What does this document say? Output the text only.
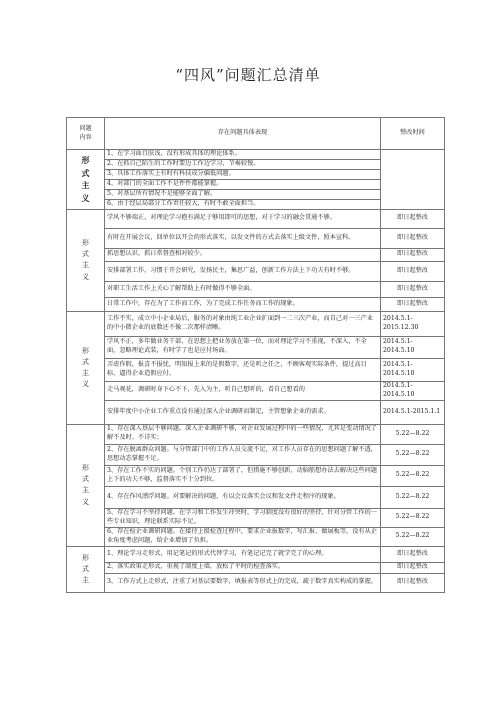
“四风”问题汇总清单
问题
内容	存在问题具体表现	整改时间

形
式
主
义	1、在学习面且肤浅，没有形成具体的理论体系。	
	2、在抓自己陷生的工作时要边工作边学习，节奏较慢。	
	3、具体工作落实上有时有科技成分偏低问题。	
	4、对部门的全面工作不是件件都能掌握。	
	5、对基层所有情况不是能够全面了解。	
	6、由于经层局部分工作责任较大，有时不敢全面担当。	

形
式
主
义	学风不够端正，对理论学习抱有满足于够用即可的思想，对于学习的融会贯通不够。	即日起整改
	有时在开展会议，回单位以开会的形式落实，以发文件的方式去落实上级文件，照本宣科。	即日起整改
	抓思想认识、抓日常督查相对较少。	即日起整改
	安排部署工作，习惯于开会研究，发扬民主，集思广益，创新工作方法上下功夫有时不够。	即日起整改
	对职工生活工作上关心了解帮助上有时做得不够全面。	即日起整改
	日常工作中，存在为了工作而工作，为了完成工作任务而工作的现象。	即日起整改

形
式
主
义	工作不实，成立中小企业局后，服务的对象由纯工业企业扩面到一二三次产业，而自己对一三产业的中小微企业的底数还不像二次那样清晰。	2014.5.1-2015.12.30
	学风不正，多年做业务干部，在思想上把业务放在第一位，而对理论学习不重视，不深入，不全面，忽略理论武装，有时学了也是应付场面。	2014.5.1-2014.5.10
	弄虚作假，报喜不报忧，明知报上来的是假数字，还是听之任之，不顾客观实际条件，提过高目标，逼得企业造假应付。	2014.5.1-2014.5.10
	走马观花，调研时身下心不下，先入为主，听自己想听的，看自己想看的	2014.5.1-2014.5.10
	安排年度中小企业工作重点没有通过深入企业调研而制定，主管想象企业的需求。	2014.5.1-2015.1.1

形
式
主
义	1、存在深入基层不够问题。深入企业调研不够，对企业发展过程中的一些情况，尤其是变动情况了解不及时、不详实；	5.22—8.22
	2、存在脱离群众问题。与分管部门中的工作人员交流不足，对工作人员存在的思想问题了解不透，思想动态掌握不足。	5.22—8.22
	3、存在工作不实的问题。个别工作仍达了部署了，但措施不够创新，动脑筋想办法去解决这些问题上下的功夫不够，监督落实不十分到位。	5.22—8.22
	4、存在作风漂浮问题。对要解决的问题，有以会议落实会议和发文件走程序的现象。	5.22—8.22
	5、存在学习不坚持问题。在学习和工作发生冲突时，学习制度没有很好的坚持，针对分管工作的一些专业知识，理论联系实际不足。	5.22—8.22
	6、存在检企业调研问题。在接待上级检查过程中，要求企业报数字，写汇报、做展板等，没有从企业角度考虑问题，给企业增加了负担。	5.22—8.22

形
式
主	1、理论学习走形式，用记笔记的形式代替学习，有笔记记完了就学完了的心理。	即日起整改
	2、落实政策走形式，重视了制度上墙，放松了平时的检查落实。	即日起整改
	3、工作方式上走形式，注重了对基层要数字，填报表等形式上的完成，疏于数字真实构成的掌握。	即日起整改
